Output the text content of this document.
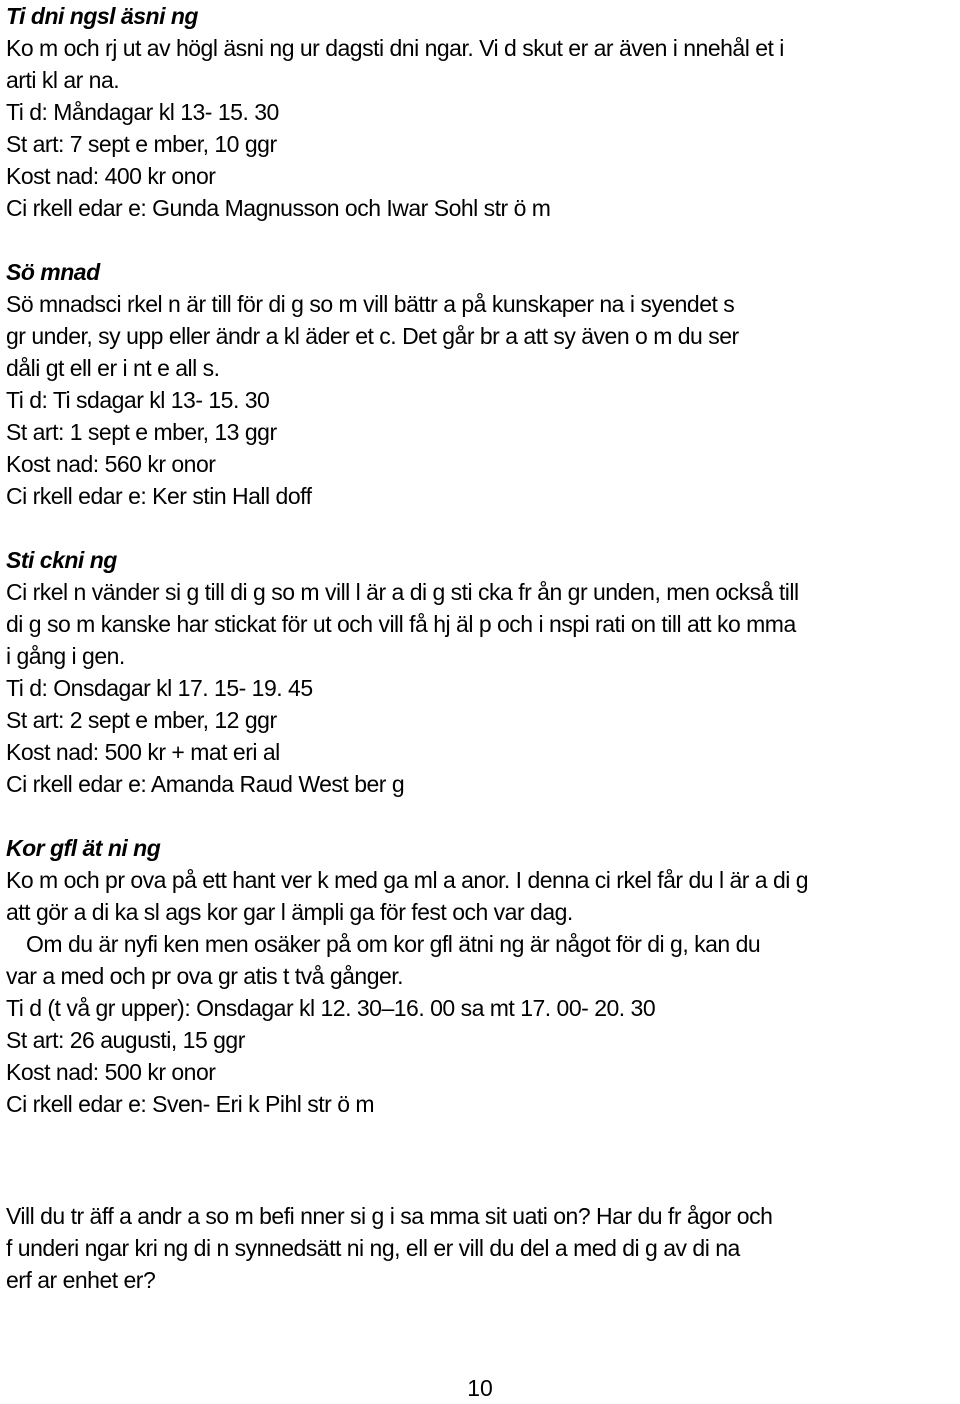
Ti dni ngsl äsni ng
Ko m och rj ut av högl äsni ng ur dagsti dni ngar. Vi d skut er ar även i nnehål et i
arti kl ar na.
Ti d: Måndagar kl 13- 15. 30
St art: 7 sept e mber, 10 ggr
Kost nad: 400 kr onor
Ci rkell edar e: Gunda Magnusson och Iwar Sohl str ö m
Sö mnad
Sö mnadsci rkel n är till för di g so m vill bättr a på kunskaper na i syendet s
gr under, sy upp eller ändr a kl äder et c. Det går br a att sy även o m du ser
dåli gt ell er i nt e all s.
Ti d: Ti sdagar kl 13- 15. 30
St art: 1 sept e mber, 13 ggr
Kost nad: 560 kr onor
Ci rkell edar e: Ker stin Hall doff
Sti ckni ng
Ci rkel n vänder si g till di g so m vill l är a di g sti cka fr ån gr unden, men också till
di g so m kanske har stickat för ut och vill få hj äl p och i nspi rati on till att ko mma
i gång i gen.
Ti d: Onsdagar kl 17. 15- 19. 45
St art: 2 sept e mber, 12 ggr
Kost nad: 500 kr + mat eri al
Ci rkell edar e: Amanda Raud West ber g
Kor gfl ät ni ng
Ko m och pr ova på ett hant ver k med ga ml a anor. I denna ci rkel får du l är a di g
att gör a di ka sl ags kor gar l ämpli ga för fest och var dag.
Om du är nyfi ken men osäker på om kor gfl ätni ng är något för di g, kan du
var a med och pr ova gr atis t två gånger.
Ti d (t vå gr upper): Onsdagar kl 12. 30–16. 00 sa mt 17. 00- 20. 30
St art: 26 augusti, 15 ggr
Kost nad: 500 kr onor
Ci rkell edar e: Sven- Eri k Pihl str ö m
Vill du tr äff a andr a so m befi nner si g i sa mma sit uati on? Har du fr ågor och
f underi ngar kri ng di n synnedsätt ni ng, ell er vill du del a med di g av di na
erf ar enhet er?
10
